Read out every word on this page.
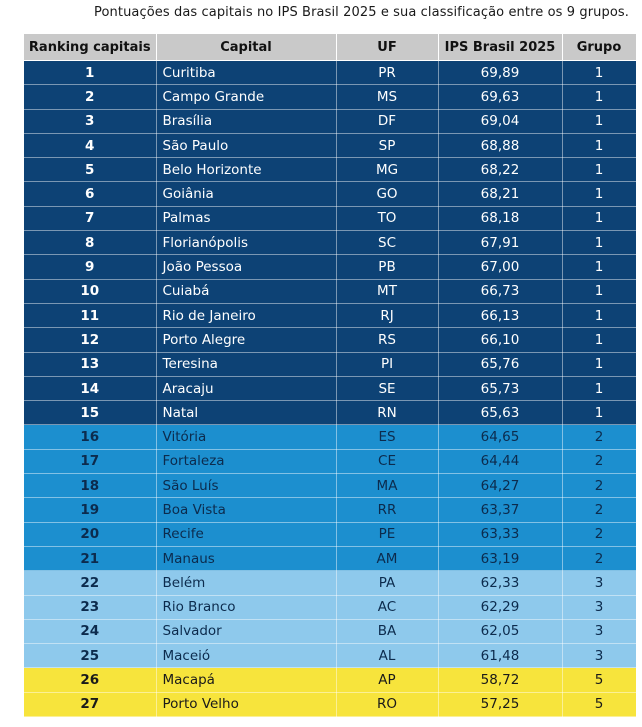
Pontuações das capitais no IPS Brasil 2025 e sua classificação entre os 9 grupos.
Ranking capitais	Capital	UF	IPS Brasil 2025	Grupo
1	Curitiba	PR	69,89	1
2	Campo Grande	MS	69,63	1
3	Brasília	DF	69,04	1
4	São Paulo	SP	68,88	1
5	Belo Horizonte	MG	68,22	1
6	Goiânia	GO	68,21	1
7	Palmas	TO	68,18	1
8	Florianópolis	SC	67,91	1
9	João Pessoa	PB	67,00	1
10	Cuiabá	MT	66,73	1
11	Rio de Janeiro	RJ	66,13	1
12	Porto Alegre	RS	66,10	1
13	Teresina	PI	65,76	1
14	Aracaju	SE	65,73	1
15	Natal	RN	65,63	1
16	Vitória	ES	64,65	2
17	Fortaleza	CE	64,44	2
18	São Luís	MA	64,27	2
19	Boa Vista	RR	63,37	2
20	Recife	PE	63,33	2
21	Manaus	AM	63,19	2
22	Belém	PA	62,33	3
23	Rio Branco	AC	62,29	3
24	Salvador	BA	62,05	3
25	Maceió	AL	61,48	3
26	Macapá	AP	58,72	5
27	Porto Velho	RO	57,25	5
